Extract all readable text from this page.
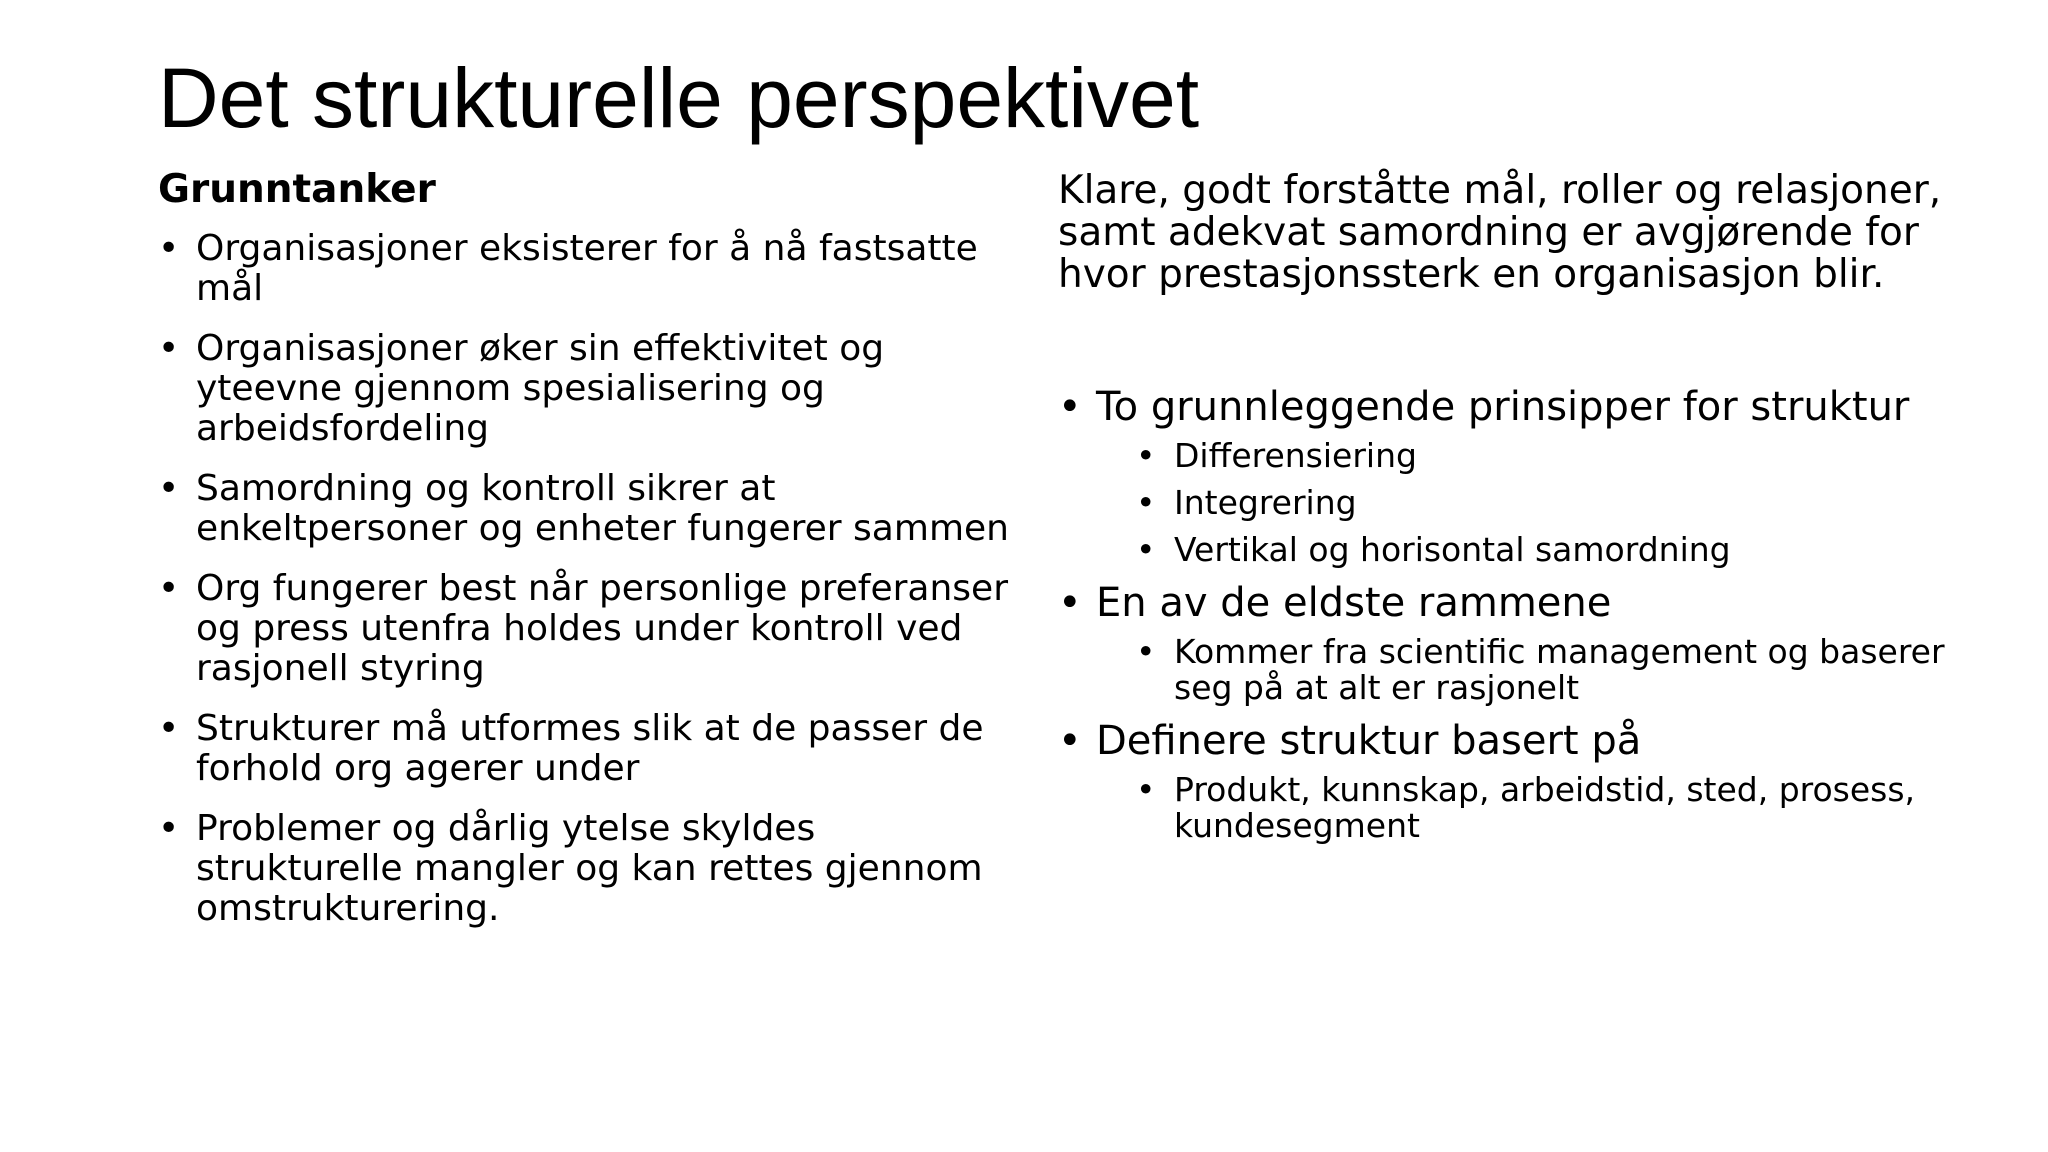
Det strukturelle perspektivet
Grunntanker
• Organisasjoner eksisterer for å nå fastsatte mål
• Organisasjoner øker sin effektivitet og yteevne gjennom spesialisering og arbeidsfordeling
• Samordning og kontroll sikrer at enkeltpersoner og enheter fungerer sammen
• Org fungerer best når personlige preferanser og press utenfra holdes under kontroll ved rasjonell styring
• Strukturer må utformes slik at de passer de forhold org agerer under
• Problemer og dårlig ytelse skyldes strukturelle mangler og kan rettes gjennom omstrukturering.

Klare, godt forståtte mål, roller og relasjoner, samt adekvat samordning er avgjørende for hvor prestasjonssterk en organisasjon blir.

• To grunnleggende prinsipper for struktur
• Differensiering
• Integrering
• Vertikal og horisontal samordning
• En av de eldste rammene
• Kommer fra scientific management og baserer seg på at alt er rasjonelt
• Definere struktur basert på
• Produkt, kunnskap, arbeidstid, sted, prosess, kundesegment
